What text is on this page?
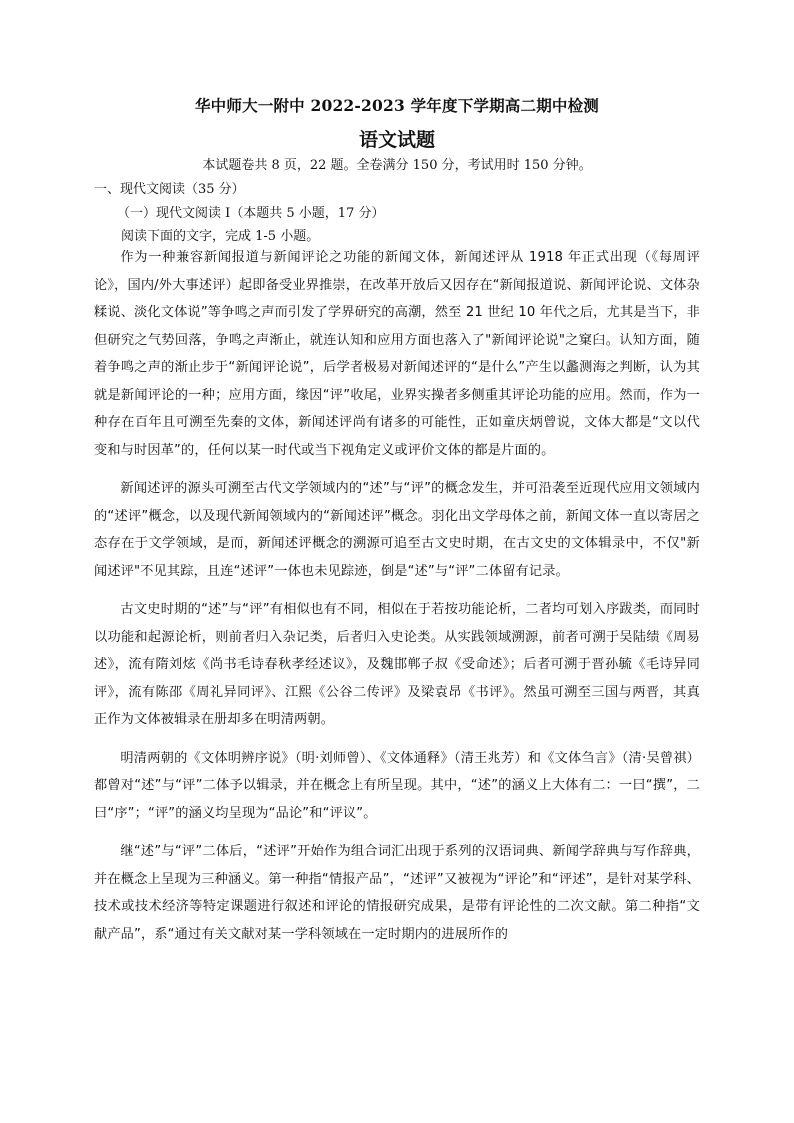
华中师大一附中 2022-2023 学年度下学期高二期中检测
语文试题
本试题卷共 8 页，22 题。全卷满分 150 分，考试用时 150 分钟。
一、现代文阅读（35 分）
（一）现代文阅读 I（本题共 5 小题，17 分）
阅读下面的文字，完成 1-5 小题。

作为一种兼容新闻报道与新闻评论之功能的新闻文体，新闻述评从 1918 年正式出现（《每周评论》，国内/外大事述评）起即备受业界推崇，在改革开放后又因存在“新闻报道说、新闻评论说、文体杂糅说、淡化文体说”等争鸣之声而引发了学界研究的高潮，然至 21 世纪 10 年代之后，尤其是当下，非但研究之气势回落，争鸣之声渐止，就连认知和应用方面也落入了"新闻评论说"之窠臼。认知方面，随着争鸣之声的渐止步于“新闻评论说”，后学者极易对新闻述评的“是什么”产生以蠡测海之判断，认为其就是新闻评论的一种；应用方面，缘因“评”收尾，业界实操者多侧重其评论功能的应用。然而，作为一种存在百年且可溯至先秦的文体，新闻述评尚有诸多的可能性，正如童庆炳曾说，文体大都是“文以代变和与时因革”的，任何以某一时代或当下视角定义或评价文体的都是片面的。

新闻述评的源头可溯至古代文学领域内的“述”与“评”的概念发生，并可沿袭至近现代应用文领域内的“述评”概念，以及现代新闻领域内的“新闻述评”概念。羽化出文学母体之前，新闻文体一直以寄居之态存在于文学领域，是而，新闻述评概念的溯源可追至古文史时期，在古文史的文体辑录中，不仅"新闻述评"不见其踪，且连“述评”一体也未见踪迹，倒是“述”与“评”二体留有记录。

古文史时期的“述”与“评”有相似也有不同，相似在于若按功能论析，二者均可划入序跋类，而同时以功能和起源论析，则前者归入杂记类，后者归入史论类。从实践领域溯源，前者可溯于吴陆绩《周易述》，流有隋刘炫《尚书毛诗春秋孝经述议》，及魏邯郸子叔《受命述》；后者可溯于晋孙毓《毛诗异同评》，流有陈邵《周礼异同评》、江熙《公谷二传评》及梁袁昂《书评》。然虽可溯至三国与两晋，其真正作为文体被辑录在册却多在明清两朝。

明清两朝的《文体明辨序说》（明·刘师曾）、《文体通释》（清王兆芳）和《文体刍言》（清·吴曾祺）都曾对“述”与“评”二体予以辑录，并在概念上有所呈现。其中，“述”的涵义上大体有二：一曰“撰”，二曰“序”；“评”的涵义均呈现为“品论”和“评议”。

继“述”与“评”二体后，“述评”开始作为组合词汇出现于系列的汉语词典、新闻学辞典与写作辞典，并在概念上呈现为三种涵义。第一种指“情报产品”，“述评”又被视为“评论”和“评述”，是针对某学科、技术或技术经济等特定课题进行叙述和评论的情报研究成果，是带有评论性的二次文献。第二种指“文献产品”，系“通过有关文献对某一学科领域在一定时期内的进展所作的
